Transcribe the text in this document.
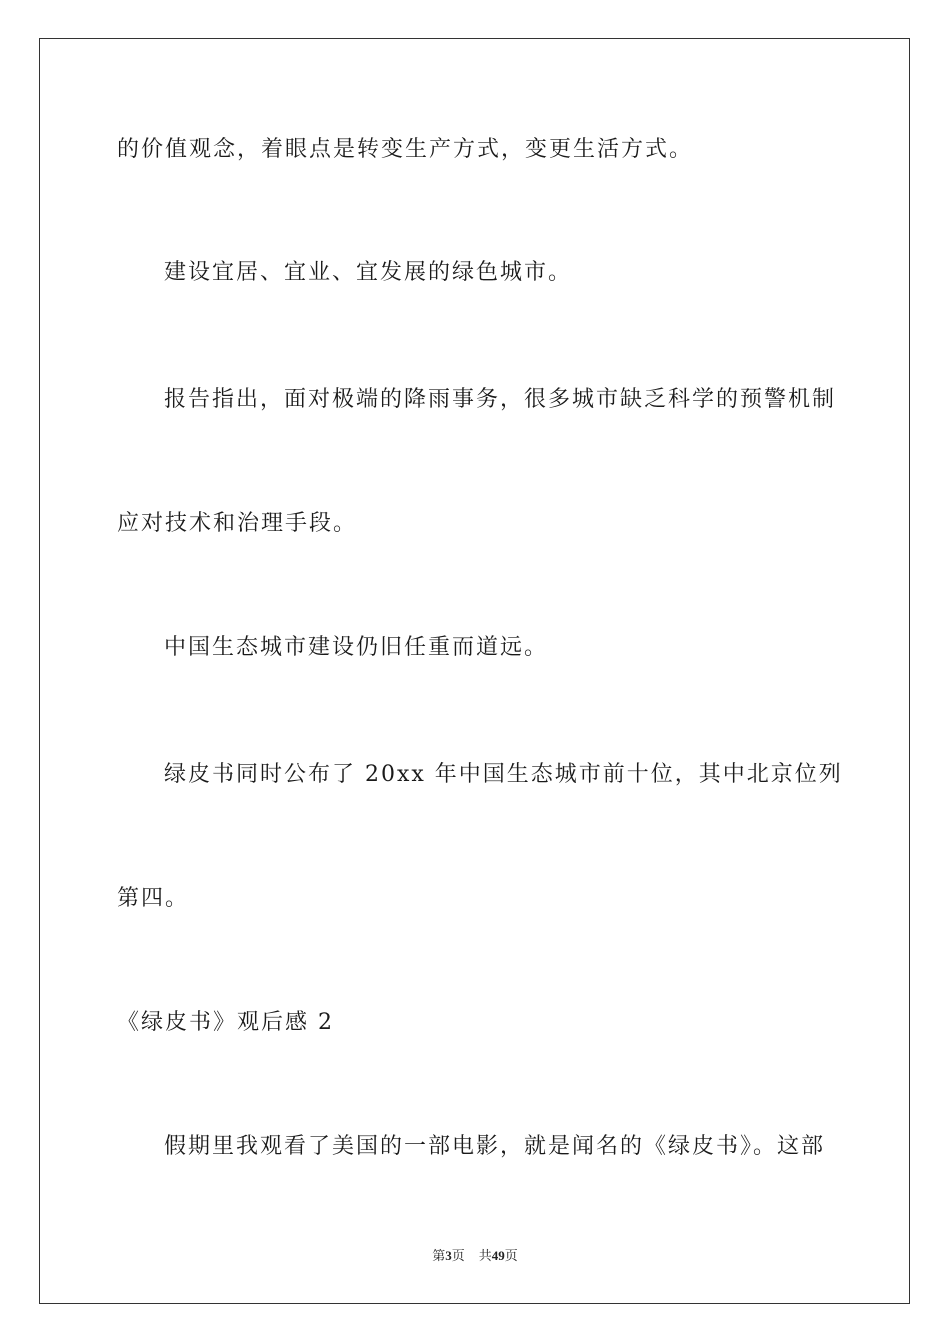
的价值观念，着眼点是转变生产方式，变更生活方式。
建设宜居、宜业、宜发展的绿色城市。
报告指出，面对极端的降雨事务，很多城市缺乏科学的预警机制
应对技术和治理手段。
中国生态城市建设仍旧任重而道远。
绿皮书同时公布了 20xx 年中国生态城市前十位，其中北京位列
第四。
《绿皮书》观后感 2
假期里我观看了美国的一部电影，就是闻名的《绿皮书》。这部
第3页 共49页
